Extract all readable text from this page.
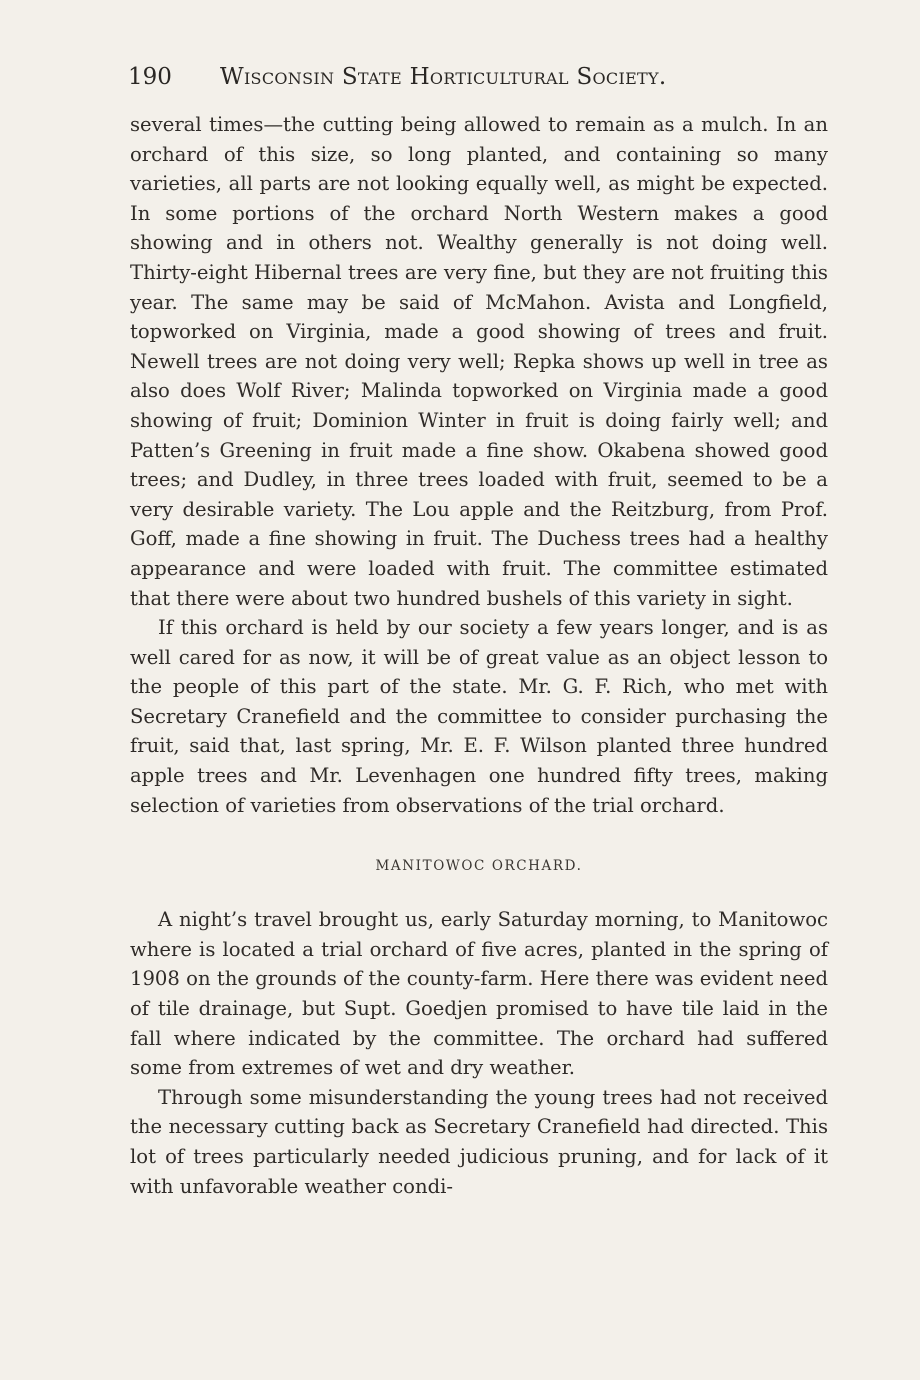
190 Wisconsin State Horticultural Society.

several times—the cutting being allowed to remain as a mulch. In an orchard of this size, so long planted, and containing so many varieties, all parts are not looking equally well, as might be expected. In some portions of the orchard North Western makes a good showing and in others not. Wealthy generally is not doing well. Thirty-eight Hibernal trees are very fine, but they are not fruiting this year. The same may be said of McMahon. Avista and Longfield, topworked on Virginia, made a good showing of trees and fruit. Newell trees are not doing very well; Repka shows up well in tree as also does Wolf River; Malinda topworked on Virginia made a good showing of fruit; Dominion Winter in fruit is doing fairly well; and Patten’s Greening in fruit made a fine show. Okabena showed good trees; and Dudley, in three trees loaded with fruit, seemed to be a very desirable variety. The Lou apple and the Reitzburg, from Prof. Goff, made a fine showing in fruit. The Duchess trees had a healthy appearance and were loaded with fruit. The committee estimated that there were about two hundred bushels of this variety in sight.

If this orchard is held by our society a few years longer, and is as well cared for as now, it will be of great value as an object lesson to the people of this part of the state. Mr. G. F. Rich, who met with Secretary Cranefield and the committee to consider purchasing the fruit, said that, last spring, Mr. E. F. Wilson planted three hundred apple trees and Mr. Levenhagen one hundred fifty trees, making selection of varieties from observations of the trial orchard.

MANITOWOC ORCHARD.

A night’s travel brought us, early Saturday morning, to Manitowoc where is located a trial orchard of five acres, planted in the spring of 1908 on the grounds of the county-farm. Here there was evident need of tile drainage, but Supt. Goedjen promised to have tile laid in the fall where indicated by the committee. The orchard had suffered some from extremes of wet and dry weather.

Through some misunderstanding the young trees had not received the necessary cutting back as Secretary Cranefield had directed. This lot of trees particularly needed judicious pruning, and for lack of it with unfavorable weather condi-
